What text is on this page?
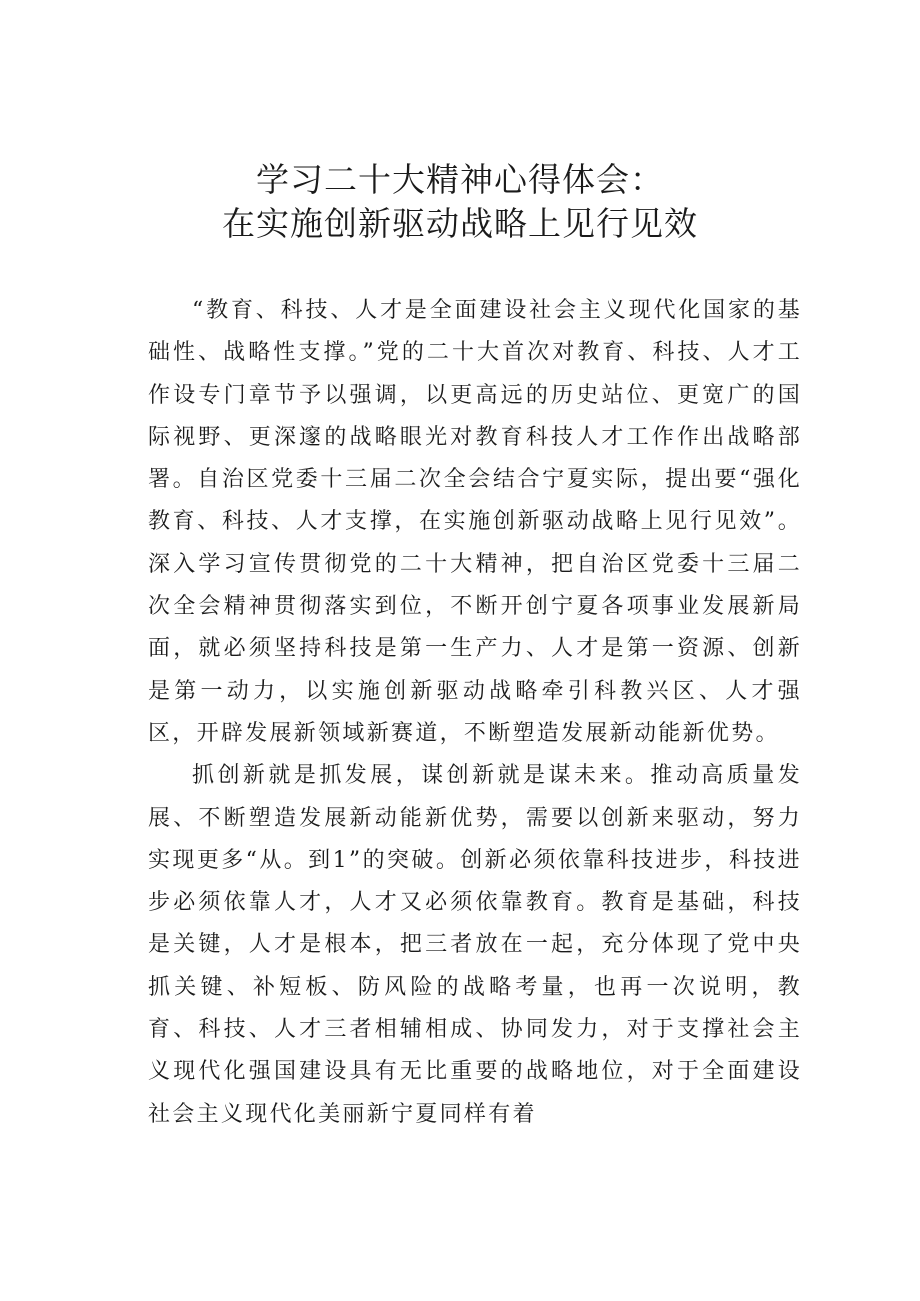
学习二十大精神心得体会：
在实施创新驱动战略上见行见效

“教育、科技、人才是全面建设社会主义现代化国家的基础性、战略性支撑。”党的二十大首次对教育、科技、人才工作设专门章节予以强调，以更高远的历史站位、更宽广的国际视野、更深邃的战略眼光对教育科技人才工作作出战略部署。自治区党委十三届二次全会结合宁夏实际，提出要“强化教育、科技、人才支撑，在实施创新驱动战略上见行见效”。深入学习宣传贯彻党的二十大精神，把自治区党委十三届二次全会精神贯彻落实到位，不断开创宁夏各项事业发展新局面，就必须坚持科技是第一生产力、人才是第一资源、创新是第一动力，以实施创新驱动战略牵引科教兴区、人才强区，开辟发展新领域新赛道，不断塑造发展新动能新优势。

抓创新就是抓发展，谋创新就是谋未来。推动高质量发展、不断塑造发展新动能新优势，需要以创新来驱动，努力实现更多“从。到1”的突破。创新必须依靠科技进步，科技进步必须依靠人才，人才又必须依靠教育。教育是基础，科技是关键，人才是根本，把三者放在一起，充分体现了党中央抓关键、补短板、防风险的战略考量，也再一次说明，教育、科技、人才三者相辅相成、协同发力，对于支撑社会主义现代化强国建设具有无比重要的战略地位，对于全面建设社会主义现代化美丽新宁夏同样有着
